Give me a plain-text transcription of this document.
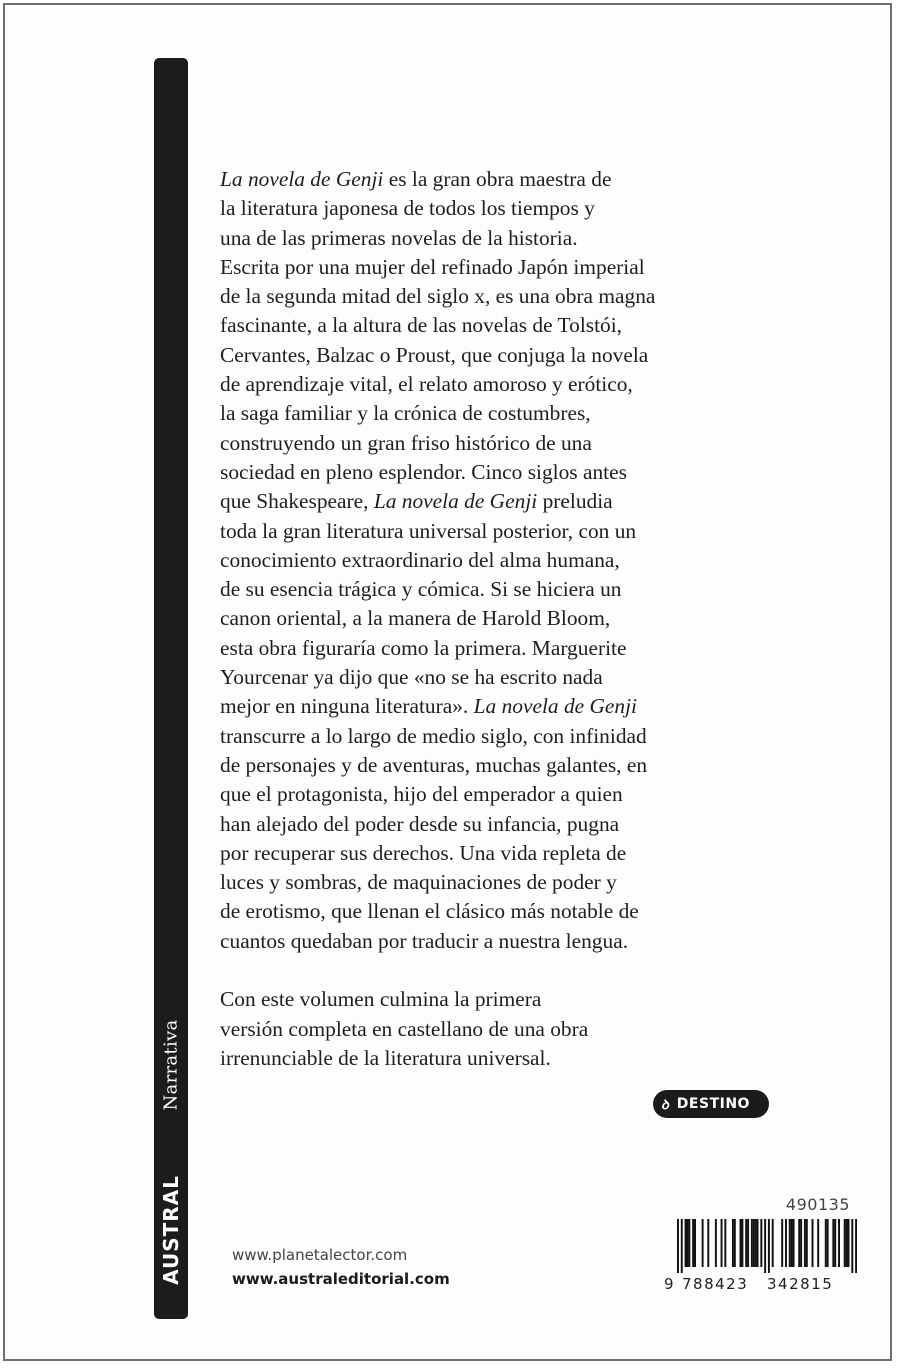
Narrativa
AUSTRAL
La novela de Genji es la gran obra maestra de
la literatura japonesa de todos los tiempos y
una de las primeras novelas de la historia.
Escrita por una mujer del refinado Japón imperial
de la segunda mitad del siglo x, es una obra magna
fascinante, a la altura de las novelas de Tolstói,
Cervantes, Balzac o Proust, que conjuga la novela
de aprendizaje vital, el relato amoroso y erótico,
la saga familiar y la crónica de costumbres,
construyendo un gran friso histórico de una
sociedad en pleno esplendor. Cinco siglos antes
que Shakespeare, La novela de Genji preludia
toda la gran literatura universal posterior, con un
conocimiento extraordinario del alma humana,
de su esencia trágica y cómica. Si se hiciera un
canon oriental, a la manera de Harold Bloom,
esta obra figuraría como la primera. Marguerite
Yourcenar ya dijo que «no se ha escrito nada
mejor en ninguna literatura». La novela de Genji
transcurre a lo largo de medio siglo, con infinidad
de personajes y de aventuras, muchas galantes, en
que el protagonista, hijo del emperador a quien
han alejado del poder desde su infancia, pugna
por recuperar sus derechos. Una vida repleta de
luces y sombras, de maquinaciones de poder y
de erotismo, que llenan el clásico más notable de
cuantos quedaban por traducir a nuestra lengua.
Con este volumen culmina la primera
versión completa en castellano de una obra
irrenunciable de la literatura universal.
ꝺ DESTINO
490135
9 788423 342815
www.planetalector.com
www.australeditorial.com
